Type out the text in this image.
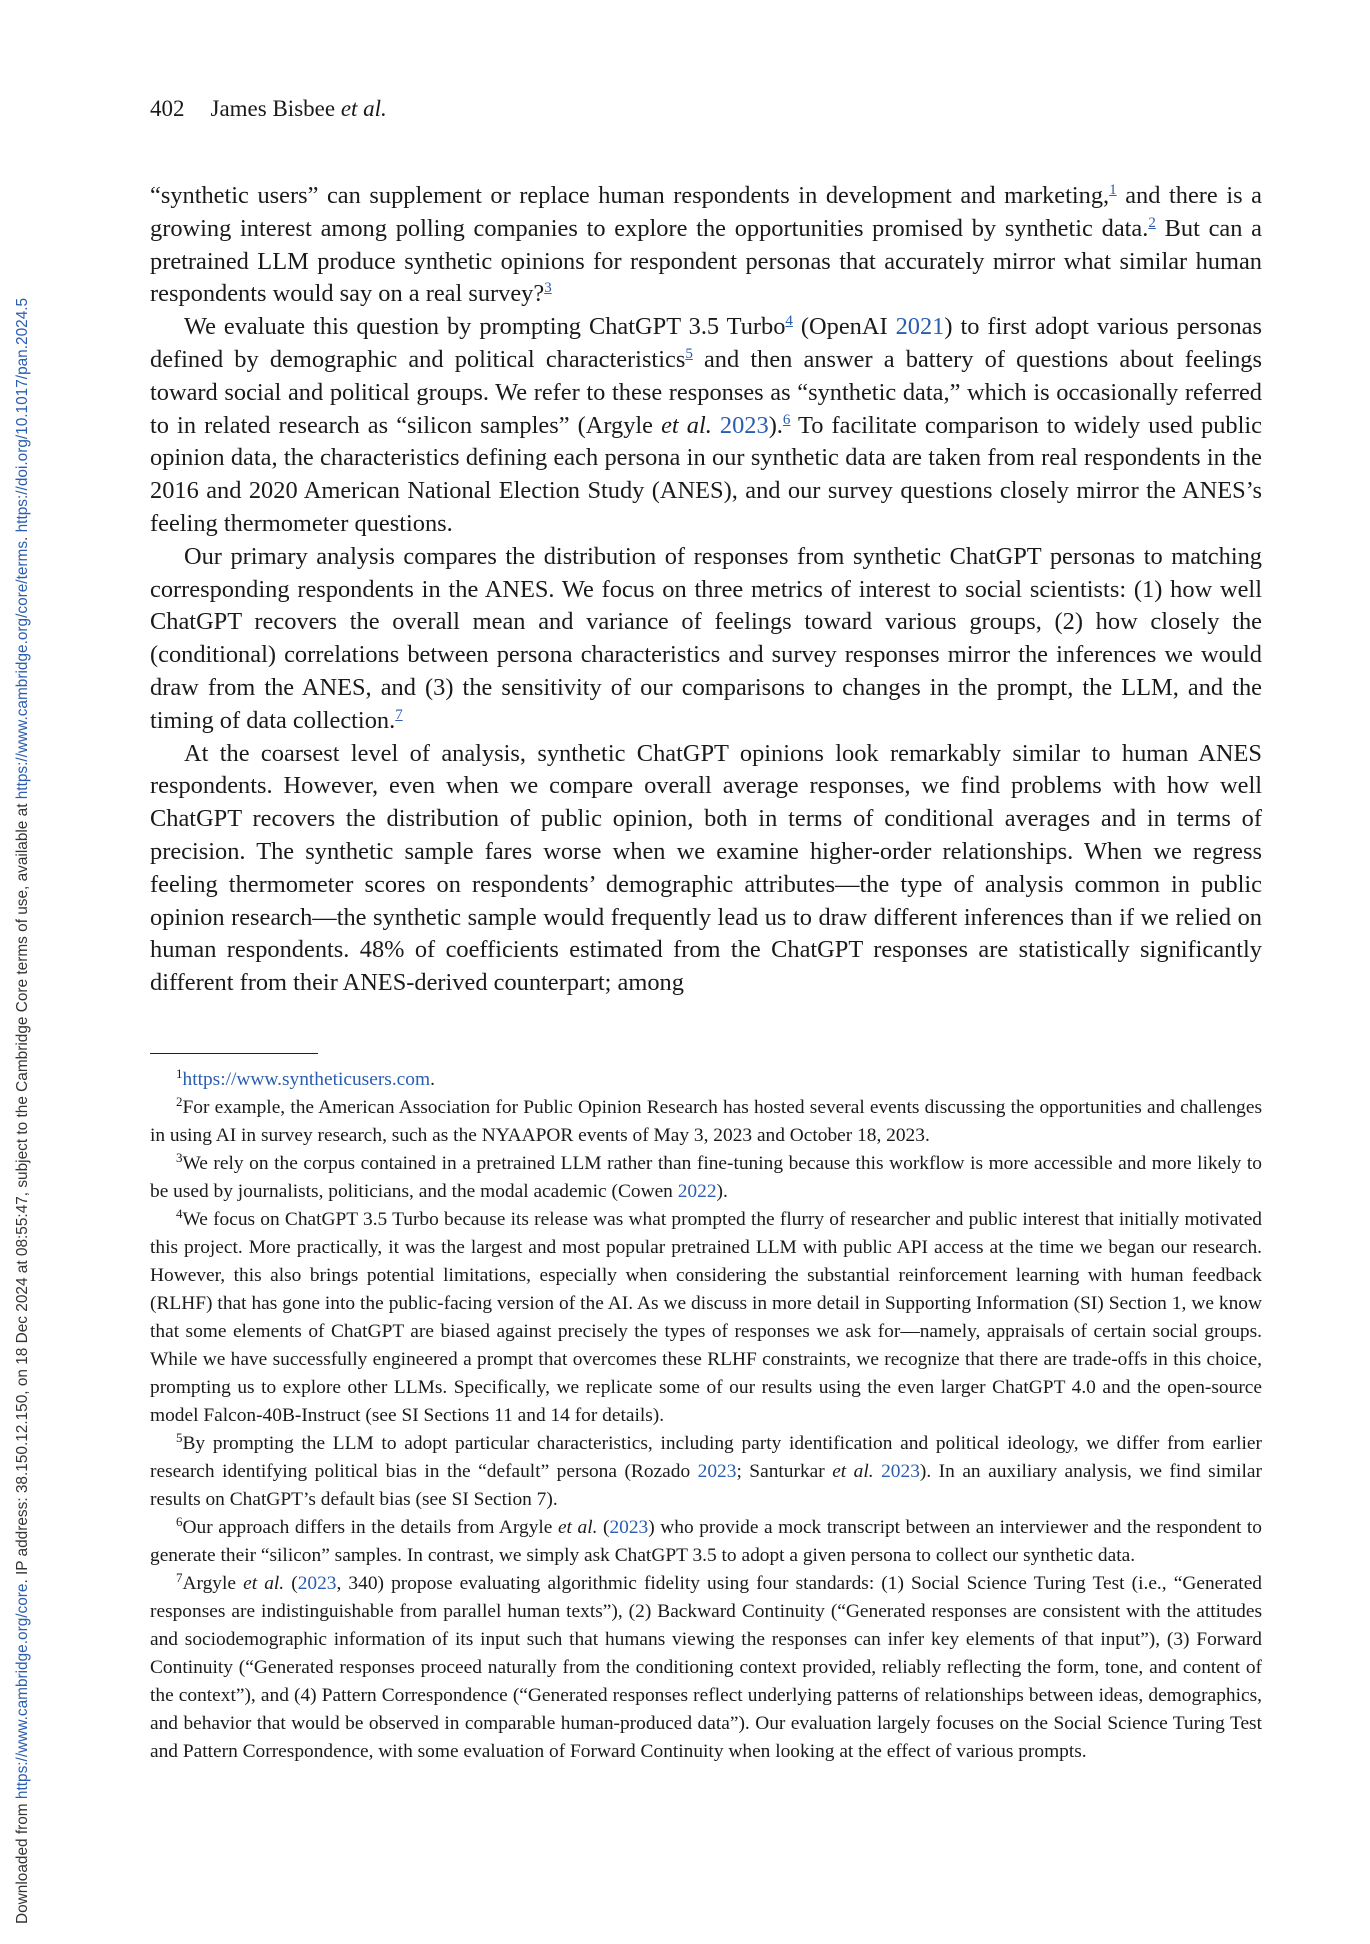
Downloaded from https://www.cambridge.org/core. IP address: 38.150.12.150, on 18 Dec 2024 at 08:55:47, subject to the Cambridge Core terms of use, available at https://www.cambridge.org/core/terms. https://doi.org/10.1017/pan.2024.5
402 James Bisbee et al.

“synthetic users” can supplement or replace human respondents in development and marketing,$^1$ and there is a growing interest among polling companies to explore the opportunities promised by synthetic data.$^2$ But can a pretrained LLM produce synthetic opinions for respondent personas that accurately mirror what similar human respondents would say on a real survey?$^3$

We evaluate this question by prompting ChatGPT 3.5 Turbo$^4$ (OpenAI 2021) to first adopt various personas defined by demographic and political characteristics$^5$ and then answer a battery of questions about feelings toward social and political groups. We refer to these responses as “synthetic data,” which is occasionally referred to in related research as “silicon samples” (Argyle et al. 2023).$^6$ To facilitate comparison to widely used public opinion data, the characteristics defining each persona in our synthetic data are taken from real respondents in the 2016 and 2020 American National Election Study (ANES), and our survey questions closely mirror the ANES’s feeling thermometer questions.

Our primary analysis compares the distribution of responses from synthetic ChatGPT personas to matching corresponding respondents in the ANES. We focus on three metrics of interest to social scientists: (1) how well ChatGPT recovers the overall mean and variance of feelings toward various groups, (2) how closely the (conditional) correlations between persona characteristics and survey responses mirror the inferences we would draw from the ANES, and (3) the sensitivity of our comparisons to changes in the prompt, the LLM, and the timing of data collection.$^7$

At the coarsest level of analysis, synthetic ChatGPT opinions look remarkably similar to human ANES respondents. However, even when we compare overall average responses, we find problems with how well ChatGPT recovers the distribution of public opinion, both in terms of conditional averages and in terms of precision. The synthetic sample fares worse when we examine higher-order relationships. When we regress feeling thermometer scores on respondents’ demographic attributes—the type of analysis common in public opinion research—the synthetic sample would frequently lead us to draw different inferences than if we relied on human respondents. 48% of coefficients estimated from the ChatGPT responses are statistically significantly different from their ANES-derived counterpart; among

$^1$https://www.syntheticusers.com.

$^2$For example, the American Association for Public Opinion Research has hosted several events discussing the opportunities and challenges in using AI in survey research, such as the NYAAPOR events of May 3, 2023 and October 18, 2023.

$^3$We rely on the corpus contained in a pretrained LLM rather than fine-tuning because this workflow is more accessible and more likely to be used by journalists, politicians, and the modal academic (Cowen 2022).

$^4$We focus on ChatGPT 3.5 Turbo because its release was what prompted the flurry of researcher and public interest that initially motivated this project. More practically, it was the largest and most popular pretrained LLM with public API access at the time we began our research. However, this also brings potential limitations, especially when considering the substantial reinforcement learning with human feedback (RLHF) that has gone into the public-facing version of the AI. As we discuss in more detail in Supporting Information (SI) Section 1, we know that some elements of ChatGPT are biased against precisely the types of responses we ask for—namely, appraisals of certain social groups. While we have successfully engineered a prompt that overcomes these RLHF constraints, we recognize that there are trade-offs in this choice, prompting us to explore other LLMs. Specifically, we replicate some of our results using the even larger ChatGPT 4.0 and the open-source model Falcon-40B-Instruct (see SI Sections 11 and 14 for details).

$^5$By prompting the LLM to adopt particular characteristics, including party identification and political ideology, we differ from earlier research identifying political bias in the “default” persona (Rozado 2023; Santurkar et al. 2023). In an auxiliary analysis, we find similar results on ChatGPT’s default bias (see SI Section 7).

$^6$Our approach differs in the details from Argyle et al. (2023) who provide a mock transcript between an interviewer and the respondent to generate their “silicon” samples. In contrast, we simply ask ChatGPT 3.5 to adopt a given persona to collect our synthetic data.

$^7$Argyle et al. (2023, 340) propose evaluating algorithmic fidelity using four standards: (1) Social Science Turing Test (i.e., “Generated responses are indistinguishable from parallel human texts”), (2) Backward Continuity (“Generated responses are consistent with the attitudes and sociodemographic information of its input such that humans viewing the responses can infer key elements of that input”), (3) Forward Continuity (“Generated responses proceed naturally from the conditioning context provided, reliably reflecting the form, tone, and content of the context”), and (4) Pattern Correspondence (“Generated responses reflect underlying patterns of relationships between ideas, demographics, and behavior that would be observed in comparable human-produced data”). Our evaluation largely focuses on the Social Science Turing Test and Pattern Correspondence, with some evaluation of Forward Continuity when looking at the effect of various prompts.
